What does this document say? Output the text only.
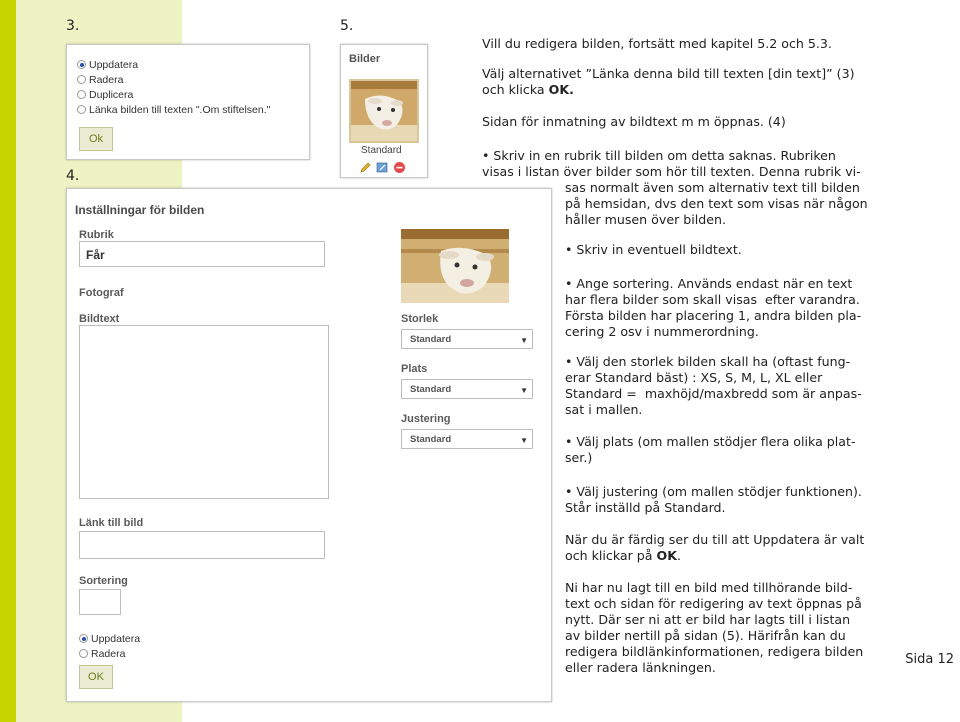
3.
4.
5.
Uppdatera
Radera
Duplicera
Länka bilden till texten ".Om stiftelsen."
Ok
Bilder
Standard
Inställningar för bilden
Rubrik
Får
Fotograf
Bildtext	Storlek
Standard	▼
Plats
Standard	▼
Justering
Standard	▼
Länk till bild
Sortering
Uppdatera
Radera
OK
Vill du redigera bilden, fortsätt med kapitel 5.2 och 5.3.
Välj alternativet ”Länka denna bild till texten [din text]” (3)
och klicka OK.
Sidan för inmatning av bildtext m m öppnas. (4)
• Skriv in en rubrik till bilden om detta saknas. Rubriken
visas i listan över bilder som hör till texten. Denna rubrik vi-
sas normalt även som alternativ text till bilden
på hemsidan, dvs den text som visas när någon
håller musen över bilden.
• Skriv in eventuell bildtext.
• Ange sortering. Används endast när en text
har flera bilder som skall visas  efter varandra.
Första bilden har placering 1, andra bilden pla-
cering 2 osv i nummerordning.
• Välj den storlek bilden skall ha (oftast fung-
erar Standard bäst) : XS, S, M, L, XL eller
Standard =  maxhöjd/maxbredd som är anpas-
sat i mallen.
• Välj plats (om mallen stödjer flera olika plat-
ser.)
• Välj justering (om mallen stödjer funktionen).
Står inställd på Standard.
När du är färdig ser du till att Uppdatera är valt
och klickar på OK.
Ni har nu lagt till en bild med tillhörande bild-
text och sidan för redigering av text öppnas på
nytt. Där ser ni att er bild har lagts till i listan
av bilder nertill på sidan (5). Härifrån kan du
redigera bildlänkinformationen, redigera bilden
eller radera länkningen.
Sida 12
